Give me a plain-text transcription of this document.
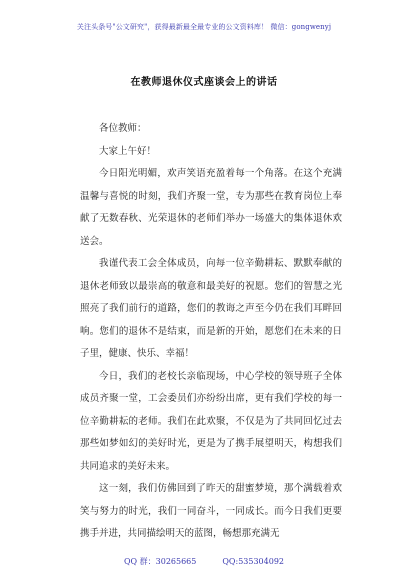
关注头条号"公文研究"，获得最新最全最专业的公文资料库！ 微信：gongwenyj
在教师退休仪式座谈会上的讲话

各位教师：

大家上午好！

今日阳光明媚，欢声笑语充盈着每一个角落。在这个充满温馨与喜悦的时刻，我们齐聚一堂，专为那些在教育岗位上奉献了无数春秋、光荣退休的老师们举办一场盛大的集体退休欢送会。

我谨代表工会全体成员，向每一位辛勤耕耘、默默奉献的退休老师致以最崇高的敬意和最美好的祝愿。您们的智慧之光照亮了我们前行的道路，您们的教诲之声至今仍在我们耳畔回响。您们的退休不是结束，而是新的开始，愿您们在未来的日子里，健康、快乐、幸福！

今日，我们的老校长亲临现场，中心学校的领导班子全体成员齐聚一堂，工会委员们亦纷纷出席，更有我们学校的每一位辛勤耕耘的老师。我们在此欢聚，不仅是为了共同回忆过去那些如梦如幻的美好时光，更是为了携手展望明天，构想我们共同追求的美好未来。

这一刻，我们仿佛回到了昨天的甜蜜梦境，那个满载着欢笑与努力的时光，我们一同奋斗，一同成长。而今日我们更要携手并进，共同描绘明天的蓝图，畅想那充满无

QQ 群：30265665	QQ:535304092
